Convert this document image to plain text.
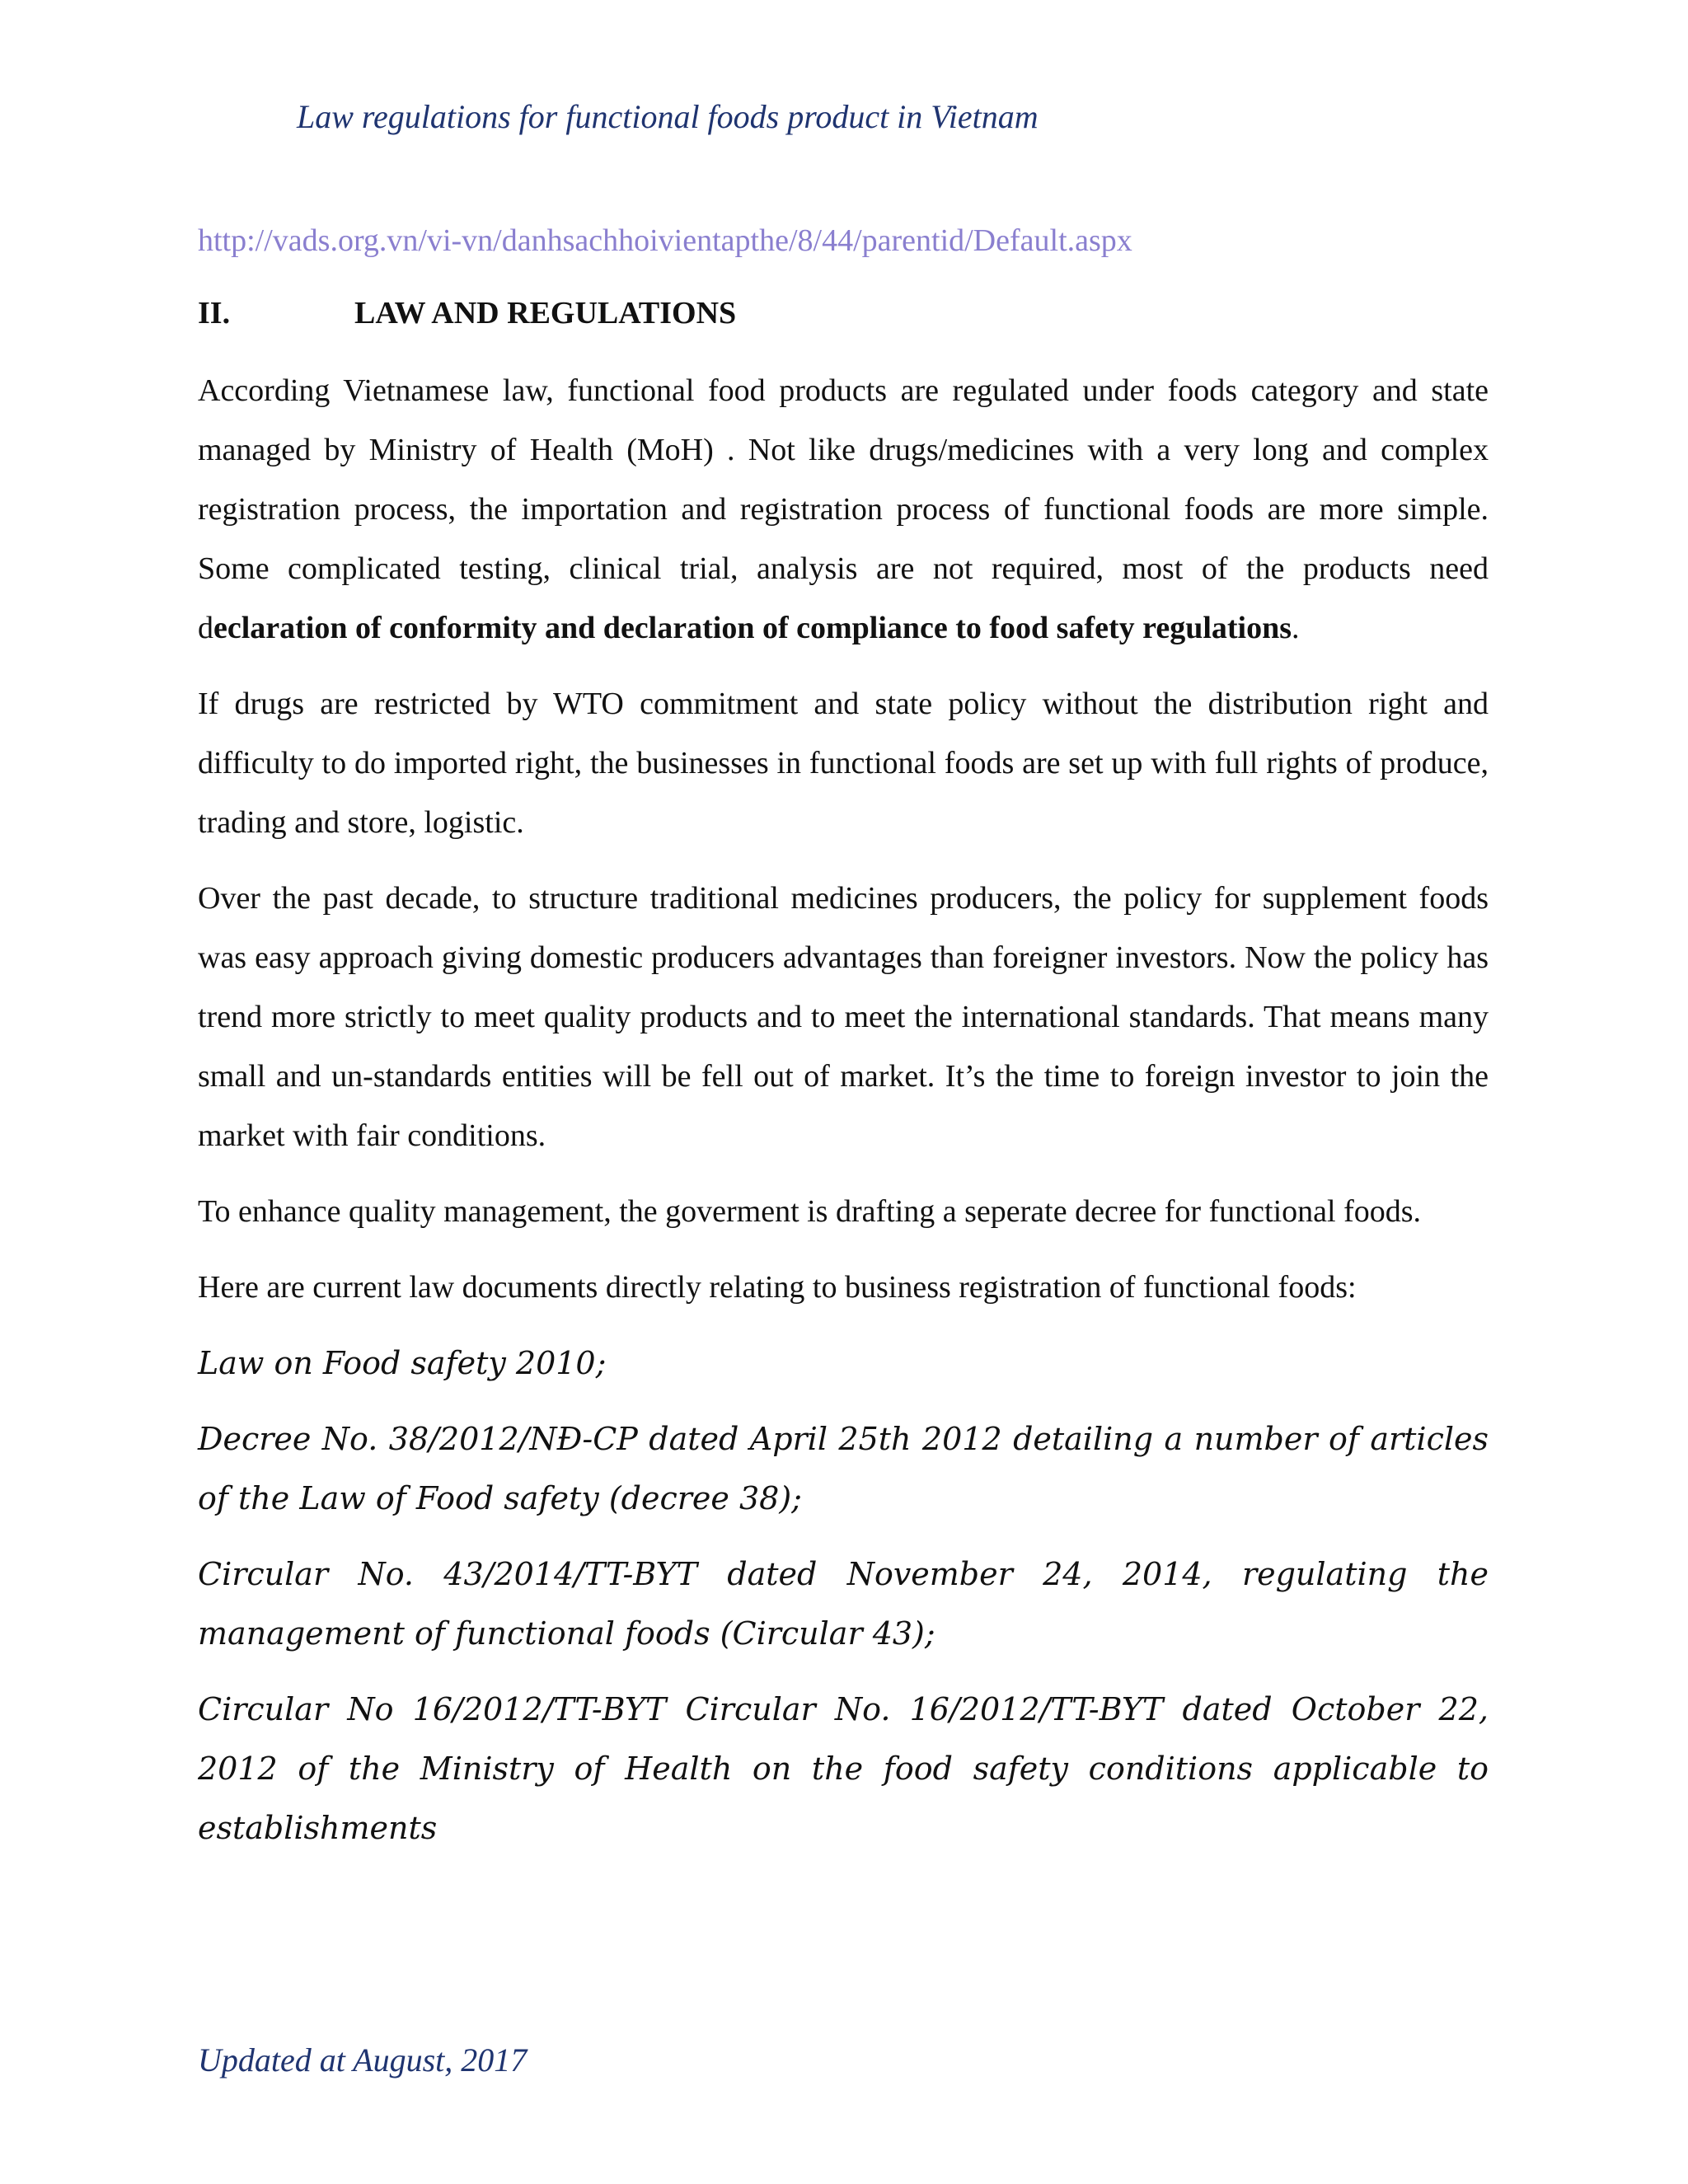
Law regulations for functional foods product in Vietnam
http://vads.org.vn/vi-vn/danhsachhoivientapthe/8/44/parentid/Default.aspx
II.	LAW AND REGULATIONS

According Vietnamese law, functional food products are regulated under foods category and state managed by Ministry of Health (MoH) . Not like drugs/medicines with a very long and complex registration process, the importation and registration process of functional foods are more simple. Some complicated testing, clinical trial, analysis are not required, most of the products need declaration of conformity and declaration of compliance to food safety regulations.

If drugs are restricted by WTO commitment and state policy without the distribution right and difficulty to do imported right, the businesses in functional foods are set up with full rights of produce, trading and store, logistic.

Over the past decade, to structure traditional medicines producers, the policy for supplement foods was easy approach giving domestic producers advantages than foreigner investors. Now the policy has trend more strictly to meet quality products and to meet the international standards. That means many small and un-standards entities will be fell out of market. It’s the time to foreign investor to join the market with fair conditions.

To enhance quality management, the goverment is drafting a seperate decree for functional foods.

Here are current law documents directly relating to business registration of functional foods:

Law on Food safety 2010;

Decree No. 38/2012/NĐ-CP dated April 25th 2012 detailing a number of articles of the Law of Food safety (decree 38);

Circular No. 43/2014/TT-BYT dated November 24, 2014, regulating the management of functional foods (Circular 43);

Circular No 16/2012/TT-BYT Circular No. 16/2012/TT-BYT dated October 22, 2012 of the Ministry of Health on the food safety conditions applicable to establishments

Updated at August, 2017
